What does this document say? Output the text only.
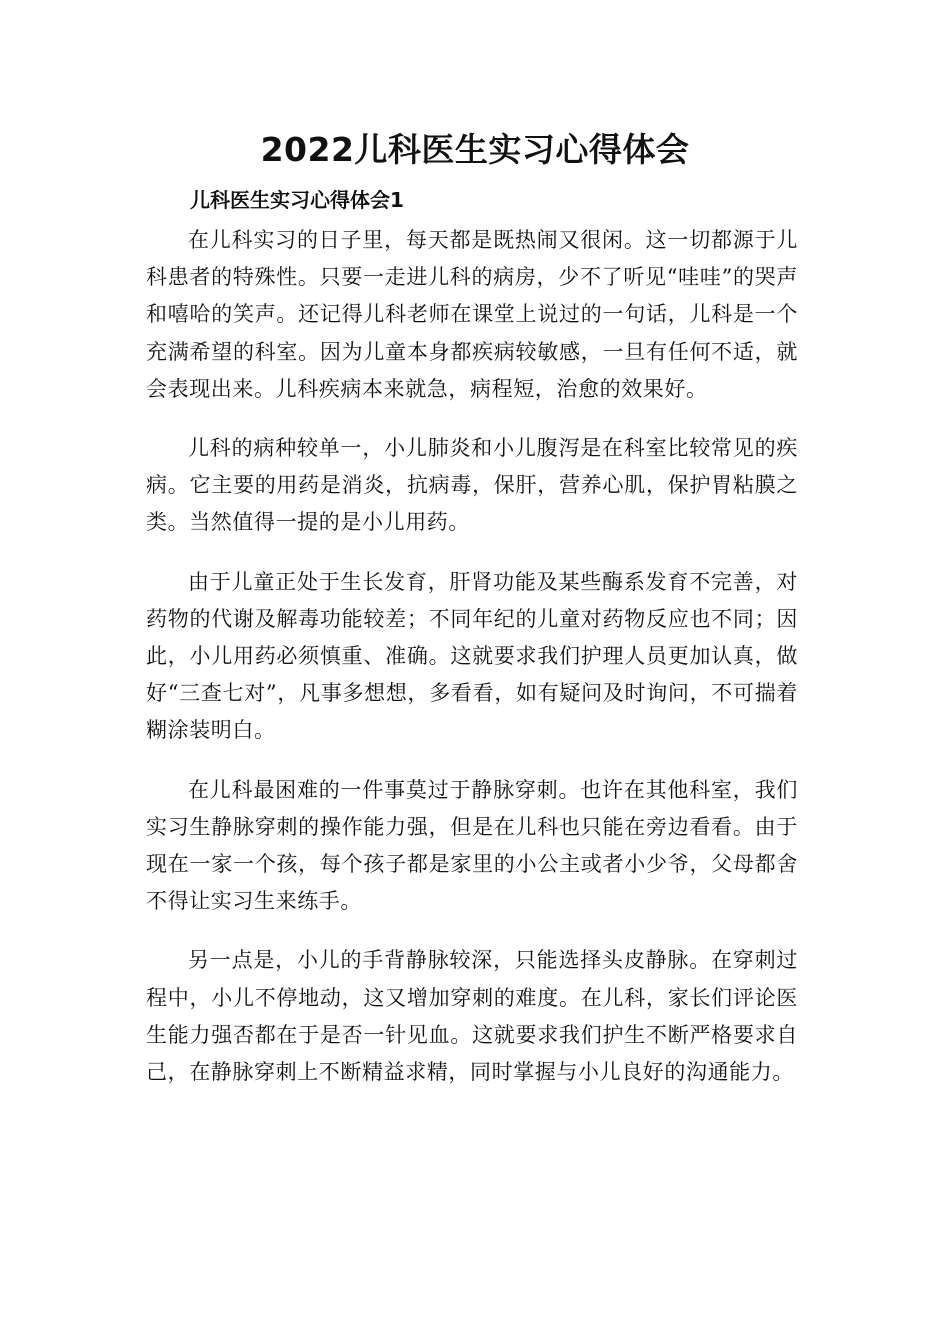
2022儿科医生实习心得体会
儿科医生实习心得体会1

在儿科实习的日子里，每天都是既热闹又很闲。这一切都源于儿科患者的特殊性。只要一走进儿科的病房，少不了听见“哇哇”的哭声和嘻哈的笑声。还记得儿科老师在课堂上说过的一句话，儿科是一个充满希望的科室。因为儿童本身都疾病较敏感，一旦有任何不适，就会表现出来。儿科疾病本来就急，病程短，治愈的效果好。

儿科的病种较单一，小儿肺炎和小儿腹泻是在科室比较常见的疾病。它主要的用药是消炎，抗病毒，保肝，营养心肌，保护胃粘膜之类。当然值得一提的是小儿用药。

由于儿童正处于生长发育，肝肾功能及某些酶系发育不完善，对药物的代谢及解毒功能较差；不同年纪的儿童对药物反应也不同；因此，小儿用药必须慎重、准确。这就要求我们护理人员更加认真，做好“三查七对”，凡事多想想，多看看，如有疑问及时询问，不可揣着糊涂装明白。

在儿科最困难的一件事莫过于静脉穿刺。也许在其他科室，我们实习生静脉穿刺的操作能力强，但是在儿科也只能在旁边看看。由于现在一家一个孩，每个孩子都是家里的小公主或者小少爷，父母都舍不得让实习生来练手。

另一点是，小儿的手背静脉较深，只能选择头皮静脉。在穿刺过程中，小儿不停地动，这又增加穿刺的难度。在儿科，家长们评论医生能力强否都在于是否一针见血。这就要求我们护生不断严格要求自己，在静脉穿刺上不断精益求精，同时掌握与小儿良好的沟通能力。
